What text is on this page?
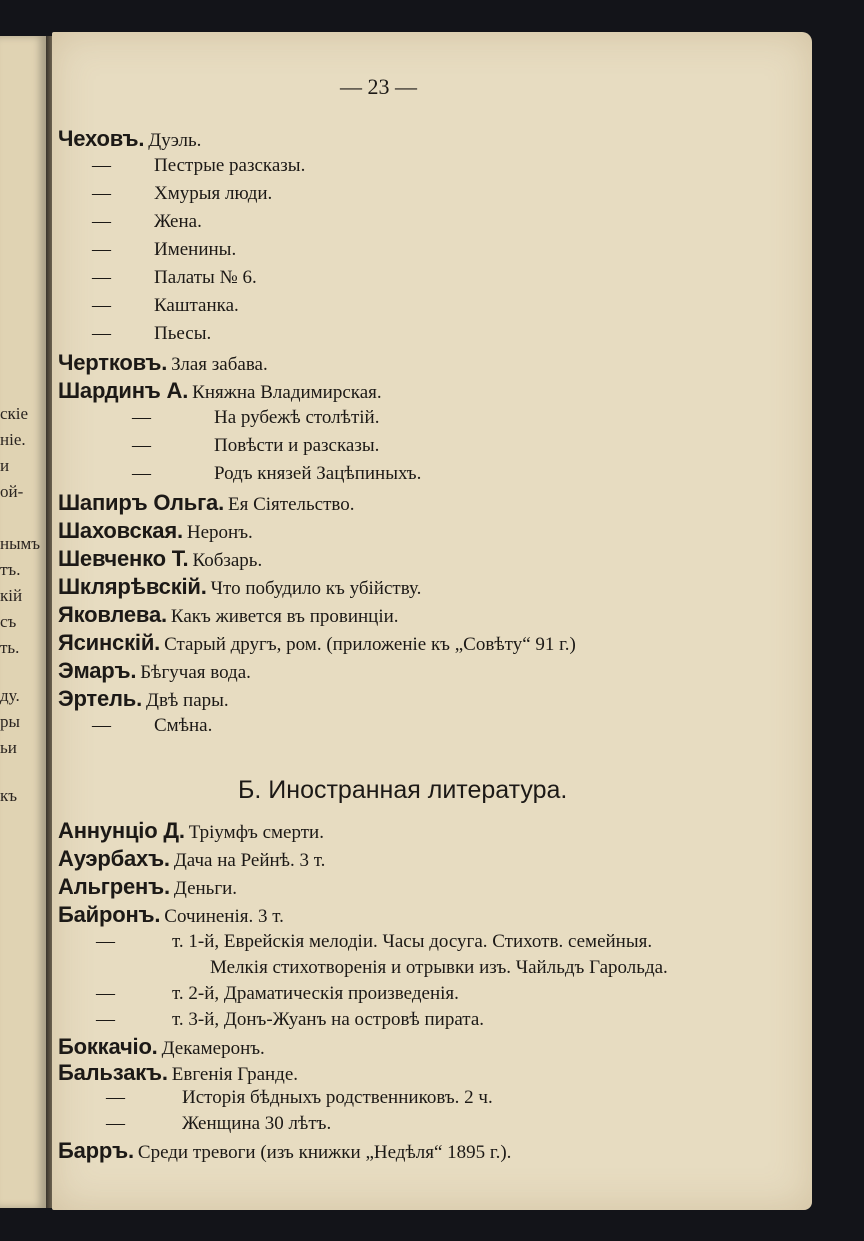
скіе
ніе.
и
ой-
нымъ
тъ.
кій
съ
ть.
ду.
ры
ьи
къ
— 23 —
Чеховъ. Дуэль.
— Пестрые разсказы.
— Хмурыя люди.
— Жена.
— Именины.
— Палаты № 6.
— Каштанка.
— Пьесы.
Чертковъ. Злая забава.
Шардинъ А. Княжна Владимирская.
—	На рубежѣ столѣтій.
—	Повѣсти и разсказы.
—	Родъ князей Зацѣпиныхъ.
Шапиръ Ольга. Ея Сіятельство.
Шаховская. Неронъ.
Шевченко Т. Кобзарь.
Шклярѣвскій. Что побудило къ убійству.
Яковлева. Какъ живется въ провинціи.
Ясинскій. Старый другъ, ром. (приложеніе къ „Совѣту“ 91 г.)
Эмаръ. Бѣгучая вода.
Эртель. Двѣ пары.
— Смѣна.
Б. Иностранная литература.
Аннунціо Д. Тріумфъ смерти.
Ауэрбахъ. Дача на Рейнѣ. 3 т.
Альгренъ. Деньги.
Байронъ. Сочиненія. 3 т.
—	т. 1-й, Еврейскія мелодіи. Часы досуга. Стихотв. семейныя.
Мелкія стихотворенія и отрывки изъ. Чайльдъ Гарольда.
—	т. 2-й, Драматическія произведенія.
—	т. 3-й, Донъ-Жуанъ на островѣ пирата.
Боккачіо. Декамеронъ.
Бальзакъ. Евгенія Гранде.
—	Исторія бѣдныхъ родственниковъ. 2 ч.
—	Женщина 30 лѣтъ.
Барръ. Среди тревоги (изъ книжки „Недѣля“ 1895 г.).
